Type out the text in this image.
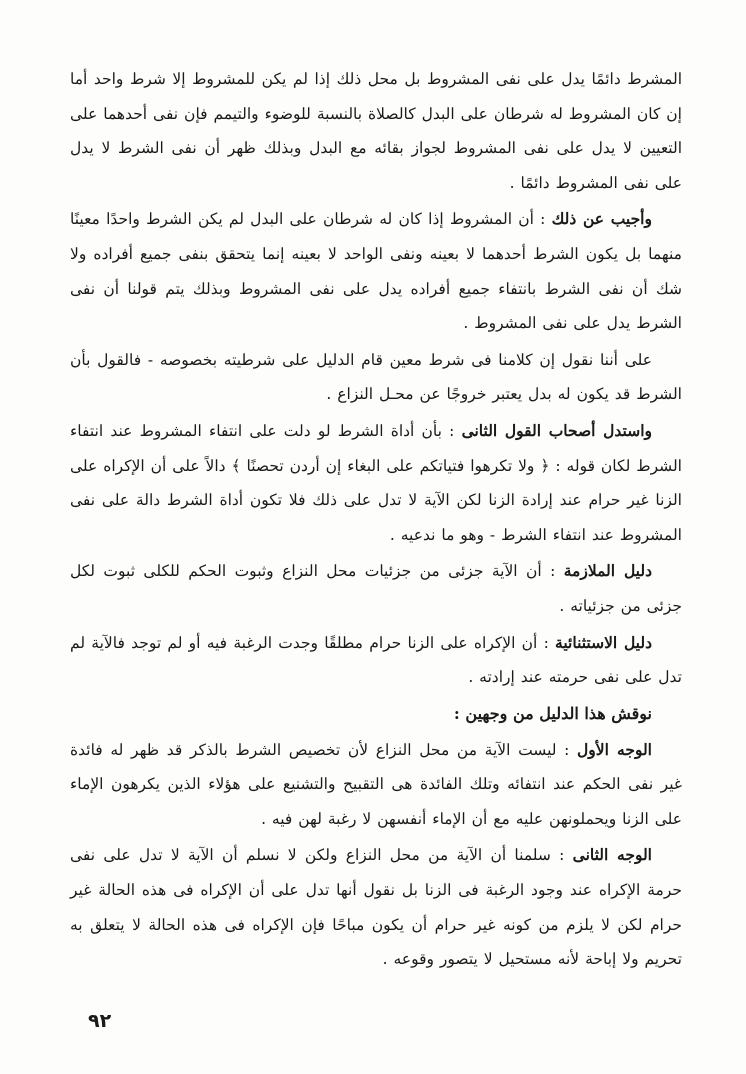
المشرط دائمًا يدل على نفى المشروط بل محل ذلك إذا لم يكن للمشروط إلا شرط واحد أما إن كان المشروط له شرطان على البدل كالصلاة بالنسبة للوضوء والتيمم فإن نفى أحدهما على التعيين لا يدل على نفى المشروط لجواز بقائه مع البدل وبذلك ظهر أن نفى الشرط لا يدل على نفى المشروط دائمًا .

وأجيب عن ذلك : أن المشروط إذا كان له شرطان على البدل لم يكن الشرط واحدًا معينًا منهما بل يكون الشرط أحدهما لا بعينه ونفى الواحد لا بعينه إنما يتحقق بنفى جميع أفراده ولا شك أن نفى الشرط بانتفاء جميع أفراده يدل على نفى المشروط وبذلك يتم قولنا أن نفى الشرط يدل على نفى المشروط .

على أننا نقول إن كلامنا فى شرط معين قام الدليل على شرطيته بخصوصه - فالقول بأن الشرط قد يكون له بدل يعتبر خروجًا عن محـل النزاع .

واستدل أصحاب القول الثانى : بأن أداة الشرط لو دلت على انتفاء المشروط عند انتفاء الشرط لكان قوله : ﴿ ولا تكرهوا فتياتكم على البغاء إن أردن تحصنًا ﴾ دالاً على أن الإكراه على الزنا غير حرام عند إرادة الزنا لكن الآية لا تدل على ذلك فلا تكون أداة الشرط دالة على نفى المشروط عند انتفاء الشرط - وهو ما ندعيه .

دليل الملازمة : أن الآية جزئى من جزئيات محل النزاع وثبوت الحكم للكلى ثبوت لكل جزئى من جزئياته .

دليل الاستثنائية : أن الإكراه على الزنا حرام مطلقًا وجدت الرغبة فيه أو لم توجد فالآية لم تدل على نفى حرمته عند إرادته .

نوقش هذا الدليل من وجهين :

الوجه الأول : ليست الآية من محل النزاع لأن تخصيص الشرط بالذكر قد ظهر له فائدة غير نفى الحكم عند انتفائه وتلك الفائدة هى التقبيح والتشنيع على هؤلاء الذين يكرهون الإماء على الزنا ويحملونهن عليه مع أن الإماء أنفسهن لا رغبة لهن فيه .

الوجه الثانى : سلمنا أن الآية من محل النزاع ولكن لا نسلم أن الآية لا تدل على نفى حرمة الإكراه عند وجود الرغبة فى الزنا بل نقول أنها تدل على أن الإكراه فى هذه الحالة غير حرام لكن لا يلزم من كونه غير حرام أن يكون مباحًا فإن الإكراه فى هذه الحالة لا يتعلق به تحريم ولا إباحة لأنه مستحيل لا يتصور وقوعه .

٩٢
